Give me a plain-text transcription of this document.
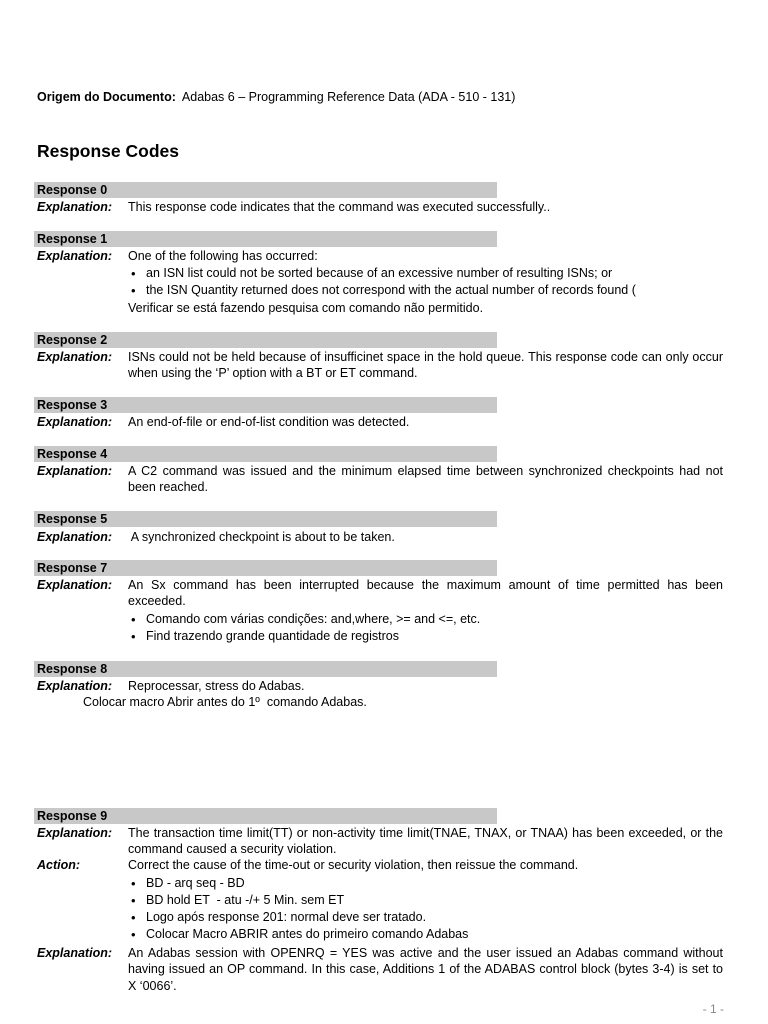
Origem do Documento: Adabas 6 – Programming Reference Data (ADA - 510 - 131)
Response Codes
Response 0
Explanation: This response code indicates that the command was executed successfully..
Response 1
Explanation: One of the following has occurred:
• an ISN list could not be sorted because of an excessive number of resulting ISNs; or
• the ISN Quantity returned does not correspond with the actual number of records found (
Verificar se está fazendo pesquisa com comando não permitido.
Response 2
Explanation: ISNs could not be held because of insufficinet space in the hold queue. This response code can only occur when using the ‘P’ option with a BT or ET command.
Response 3
Explanation: An end-of-file or end-of-list condition was detected.
Response 4
Explanation: A C2 command was issued and the minimum elapsed time between synchronized checkpoints had not been reached.
Response 5
Explanation: A synchronized checkpoint is about to be taken.
Response 7
Explanation: An Sx command has been interrupted because the maximum amount of time permitted has been exceeded.
• Comando com várias condições: and,where, >= and <=, etc.
• Find trazendo grande quantidade de registros
Response 8
Explanation: Reprocessar, stress do Adabas.
Colocar macro Abrir antes do 1º  comando Adabas.
Response 9
Explanation: The transaction time limit(TT) or non-activity time limit(TNAE, TNAX, or TNAA) has been exceeded, or the command caused a security violation.
Action:	Correct the cause of the time-out or security violation, then reissue the command.
• BD - arq seq - BD
• BD hold ET  - atu -/+ 5 Min. sem ET
• Logo após response 201: normal deve ser tratado.
• Colocar Macro ABRIR antes do primeiro comando Adabas
Explanation: An Adabas session with OPENRQ = YES was active and the user issued an Adabas command without having issued an OP command. In this case, Additions 1 of the ADABAS control block (bytes 3-4) is set to X ‘0066’.
- 1 -
